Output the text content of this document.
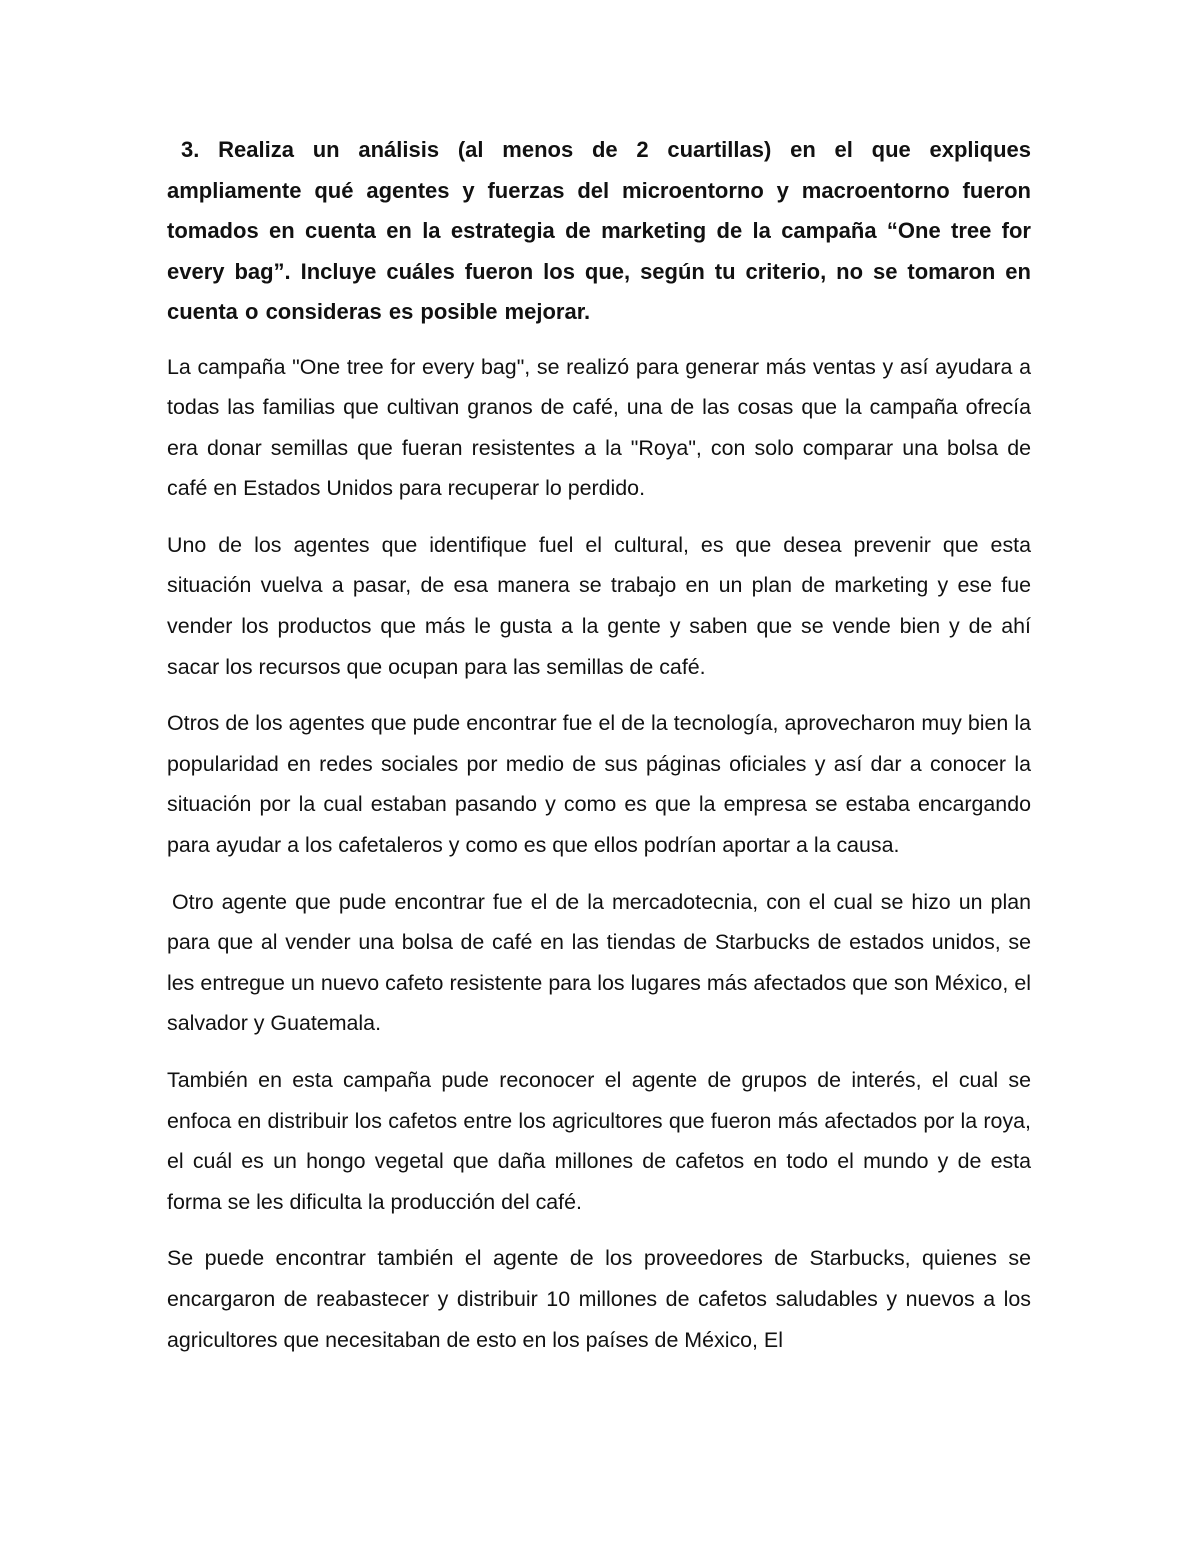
3. Realiza un análisis (al menos de 2 cuartillas) en el que expliques ampliamente qué agentes y fuerzas del microentorno y macroentorno fueron tomados en cuenta en la estrategia de marketing de la campaña “One tree for every bag”. Incluye cuáles fueron los que, según tu criterio, no se tomaron en cuenta o consideras es posible mejorar.

La campaña "One tree for every bag", se realizó para generar más ventas y así ayudara a todas las familias que cultivan granos de café, una de las cosas que la campaña ofrecía era donar semillas que fueran resistentes a la "Roya", con solo comparar una bolsa de café en Estados Unidos para recuperar lo perdido.

Uno de los agentes que identifique fuel el cultural, es que desea prevenir que esta situación vuelva a pasar, de esa manera se trabajo en un plan de marketing y ese fue vender los productos que más le gusta a la gente y saben que se vende bien y de ahí sacar los recursos que ocupan para las semillas de café.

Otros de los agentes que pude encontrar fue el de la tecnología, aprovecharon muy bien la popularidad en redes sociales por medio de sus páginas oficiales y así dar a conocer la situación por la cual estaban pasando y como es que la empresa se estaba encargando para ayudar a los cafetaleros y como es que ellos podrían aportar a la causa.

Otro agente que pude encontrar fue el de la mercadotecnia, con el cual se hizo un plan para que al vender una bolsa de café en las tiendas de Starbucks de estados unidos, se les entregue un nuevo cafeto resistente para los lugares más afectados que son México, el salvador y Guatemala.

También en esta campaña pude reconocer el agente de grupos de interés, el cual se enfoca en distribuir los cafetos entre los agricultores que fueron más afectados por la roya, el cuál es un hongo vegetal que daña millones de cafetos en todo el mundo y de esta forma se les dificulta la producción del café.

Se puede encontrar también el agente de los proveedores de Starbucks, quienes se encargaron de reabastecer y distribuir 10 millones de cafetos saludables y nuevos a los agricultores que necesitaban de esto en los países de México, El
